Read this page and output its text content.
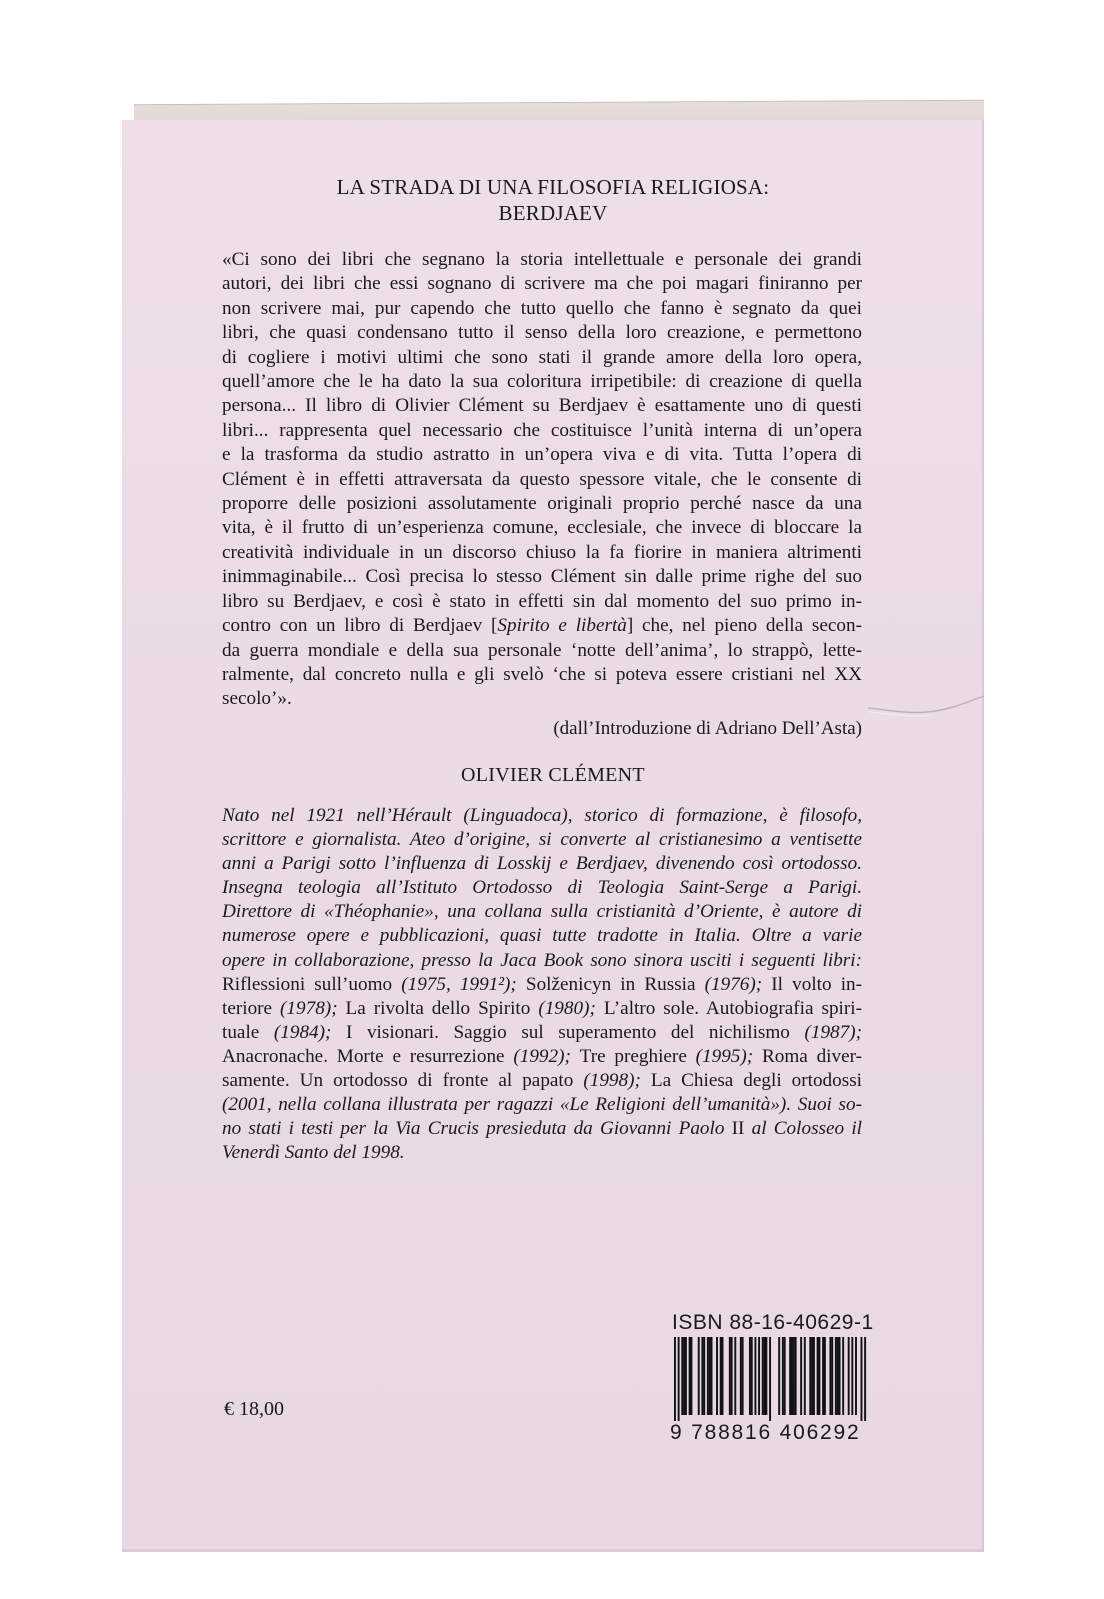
LA STRADA DI UNA FILOSOFIA RELIGIOSA:
BERDJAEV
«Ci sono dei libri che segnano la storia intellettuale e personale dei grandi
autori, dei libri che essi sognano di scrivere ma che poi magari finiranno per
non scrivere mai, pur capendo che tutto quello che fanno è segnato da quei
libri, che quasi condensano tutto il senso della loro creazione, e permettono
di cogliere i motivi ultimi che sono stati il grande amore della loro opera,
quell’amore che le ha dato la sua coloritura irripetibile: di creazione di quella
persona... Il libro di Olivier Clément su Berdjaev è esattamente uno di questi
libri... rappresenta quel necessario che costituisce l’unità interna di un’opera
e la trasforma da studio astratto in un’opera viva e di vita. Tutta l’opera di
Clément è in effetti attraversata da questo spessore vitale, che le consente di
proporre delle posizioni assolutamente originali proprio perché nasce da una
vita, è il frutto di un’esperienza comune, ecclesiale, che invece di bloccare la
creatività individuale in un discorso chiuso la fa fiorire in maniera altrimenti
inimmaginabile... Così precisa lo stesso Clément sin dalle prime righe del suo
libro su Berdjaev, e così è stato in effetti sin dal momento del suo primo in-
contro con un libro di Berdjaev [Spirito e libertà] che, nel pieno della secon-
da guerra mondiale e della sua personale ‘notte dell’anima’, lo strappò, lette-
ralmente, dal concreto nulla e gli svelò ‘che si poteva essere cristiani nel XX
secolo’».
(dall’Introduzione di Adriano Dell’Asta)
OLIVIER CLÉMENT
Nato nel 1921 nell’Hérault (Linguadoca), storico di formazione, è filosofo,
scrittore e giornalista. Ateo d’origine, si converte al cristianesimo a ventisette
anni a Parigi sotto l’influenza di Losskij e Berdjaev, divenendo così ortodosso.
Insegna teologia all’Istituto Ortodosso di Teologia Saint-Serge a Parigi.
Direttore di «Théophanie», una collana sulla cristianità d’Oriente, è autore di
numerose opere e pubblicazioni, quasi tutte tradotte in Italia. Oltre a varie
opere in collaborazione, presso la Jaca Book sono sinora usciti i seguenti libri:
Riflessioni sull’uomo (1975, 1991²); Solženicyn in Russia (1976); Il volto in-
teriore (1978); La rivolta dello Spirito (1980); L’altro sole. Autobiografia spiri-
tuale (1984); I visionari. Saggio sul superamento del nichilismo (1987);
Anacronache. Morte e resurrezione (1992); Tre preghiere (1995); Roma diver-
samente. Un ortodosso di fronte al papato (1998); La Chiesa degli ortodossi
(2001, nella collana illustrata per ragazzi «Le Religioni dell’umanità»). Suoi so-
no stati i testi per la Via Crucis presieduta da Giovanni Paolo II al Colosseo il
Venerdì Santo del 1998.
ISBN 88-16-40629-1
9 788816 406292
€ 18,00
